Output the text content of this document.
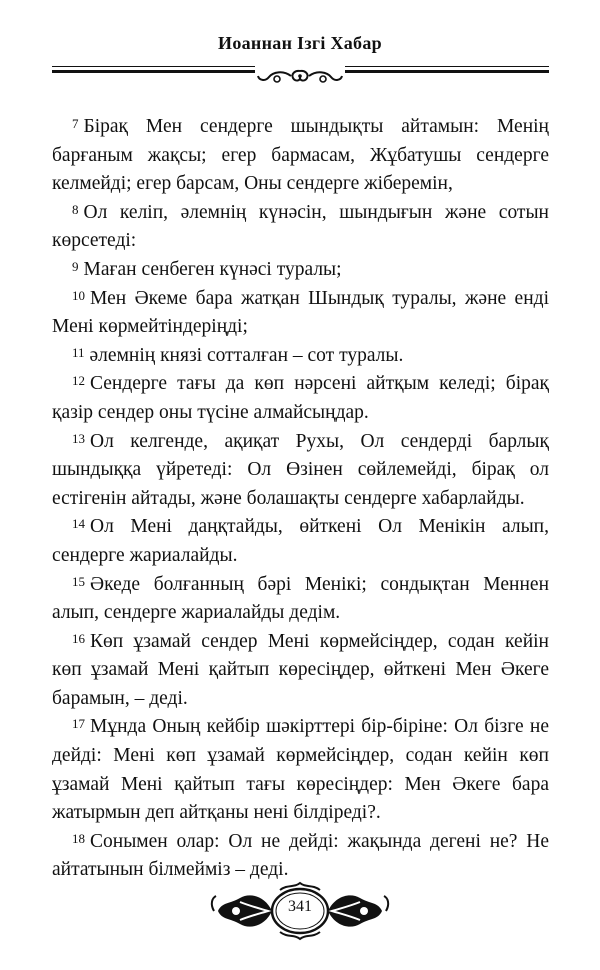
Иоаннан Ізгі Хабар

$^7$ Бірақ Мен сендерге шындықты айтамын: Менің барғаным жақсы; егер бармасам, Жұбатушы сендерге келмейді; егер барсам, Оны сендерге жіберемін,

$^8$ Ол келіп, әлемнің күнәсін, шындығын және сотын көрсетеді:

$^9$ Маған сенбеген күнәсі туралы;

$^{10}$ Мен Әкеме бара жатқан Шындық туралы, және енді Мені көрмейтіндеріңді;

$^{11}$ әлемнің князі сотталған – сот туралы.

$^{12}$ Сендерге тағы да көп нәрсені айтқым келеді; бірақ қазір сендер оны түсіне алмайсыңдар.

$^{13}$ Ол келгенде, ақиқат Рухы, Ол сендерді барлық шындыққа үйретеді: Ол Өзінен сөйлемейді, бірақ ол естігенін айтады, және болашақты сендерге хабарлайды.

$^{14}$ Ол Мені даңқтайды, өйткені Ол Менікін алып, сендерге жариалайды.

$^{15}$ Әкеде болғанның бәрі Менікі; сондықтан Меннен алып, сендерге жариалайды дедім.

$^{16}$ Көп ұзамай сендер Мені көрмейсіңдер, содан кейін көп ұзамай Мені қайтып көресіңдер, өйткені Мен Әкеге барамын, – деді.

$^{17}$ Мұнда Оның кейбір шәкірттері бір-біріне: Ол бізге не дейді: Мені көп ұзамай көрмейсіңдер, содан кейін көп ұзамай Мені қайтып тағы көресіңдер: Мен Әкеге бара жатырмын деп айтқаны нені білдіреді?.

$^{18}$ Сонымен олар: Ол не дейді: жақында дегені не? Не айтатынын білмейміз – деді.

341
